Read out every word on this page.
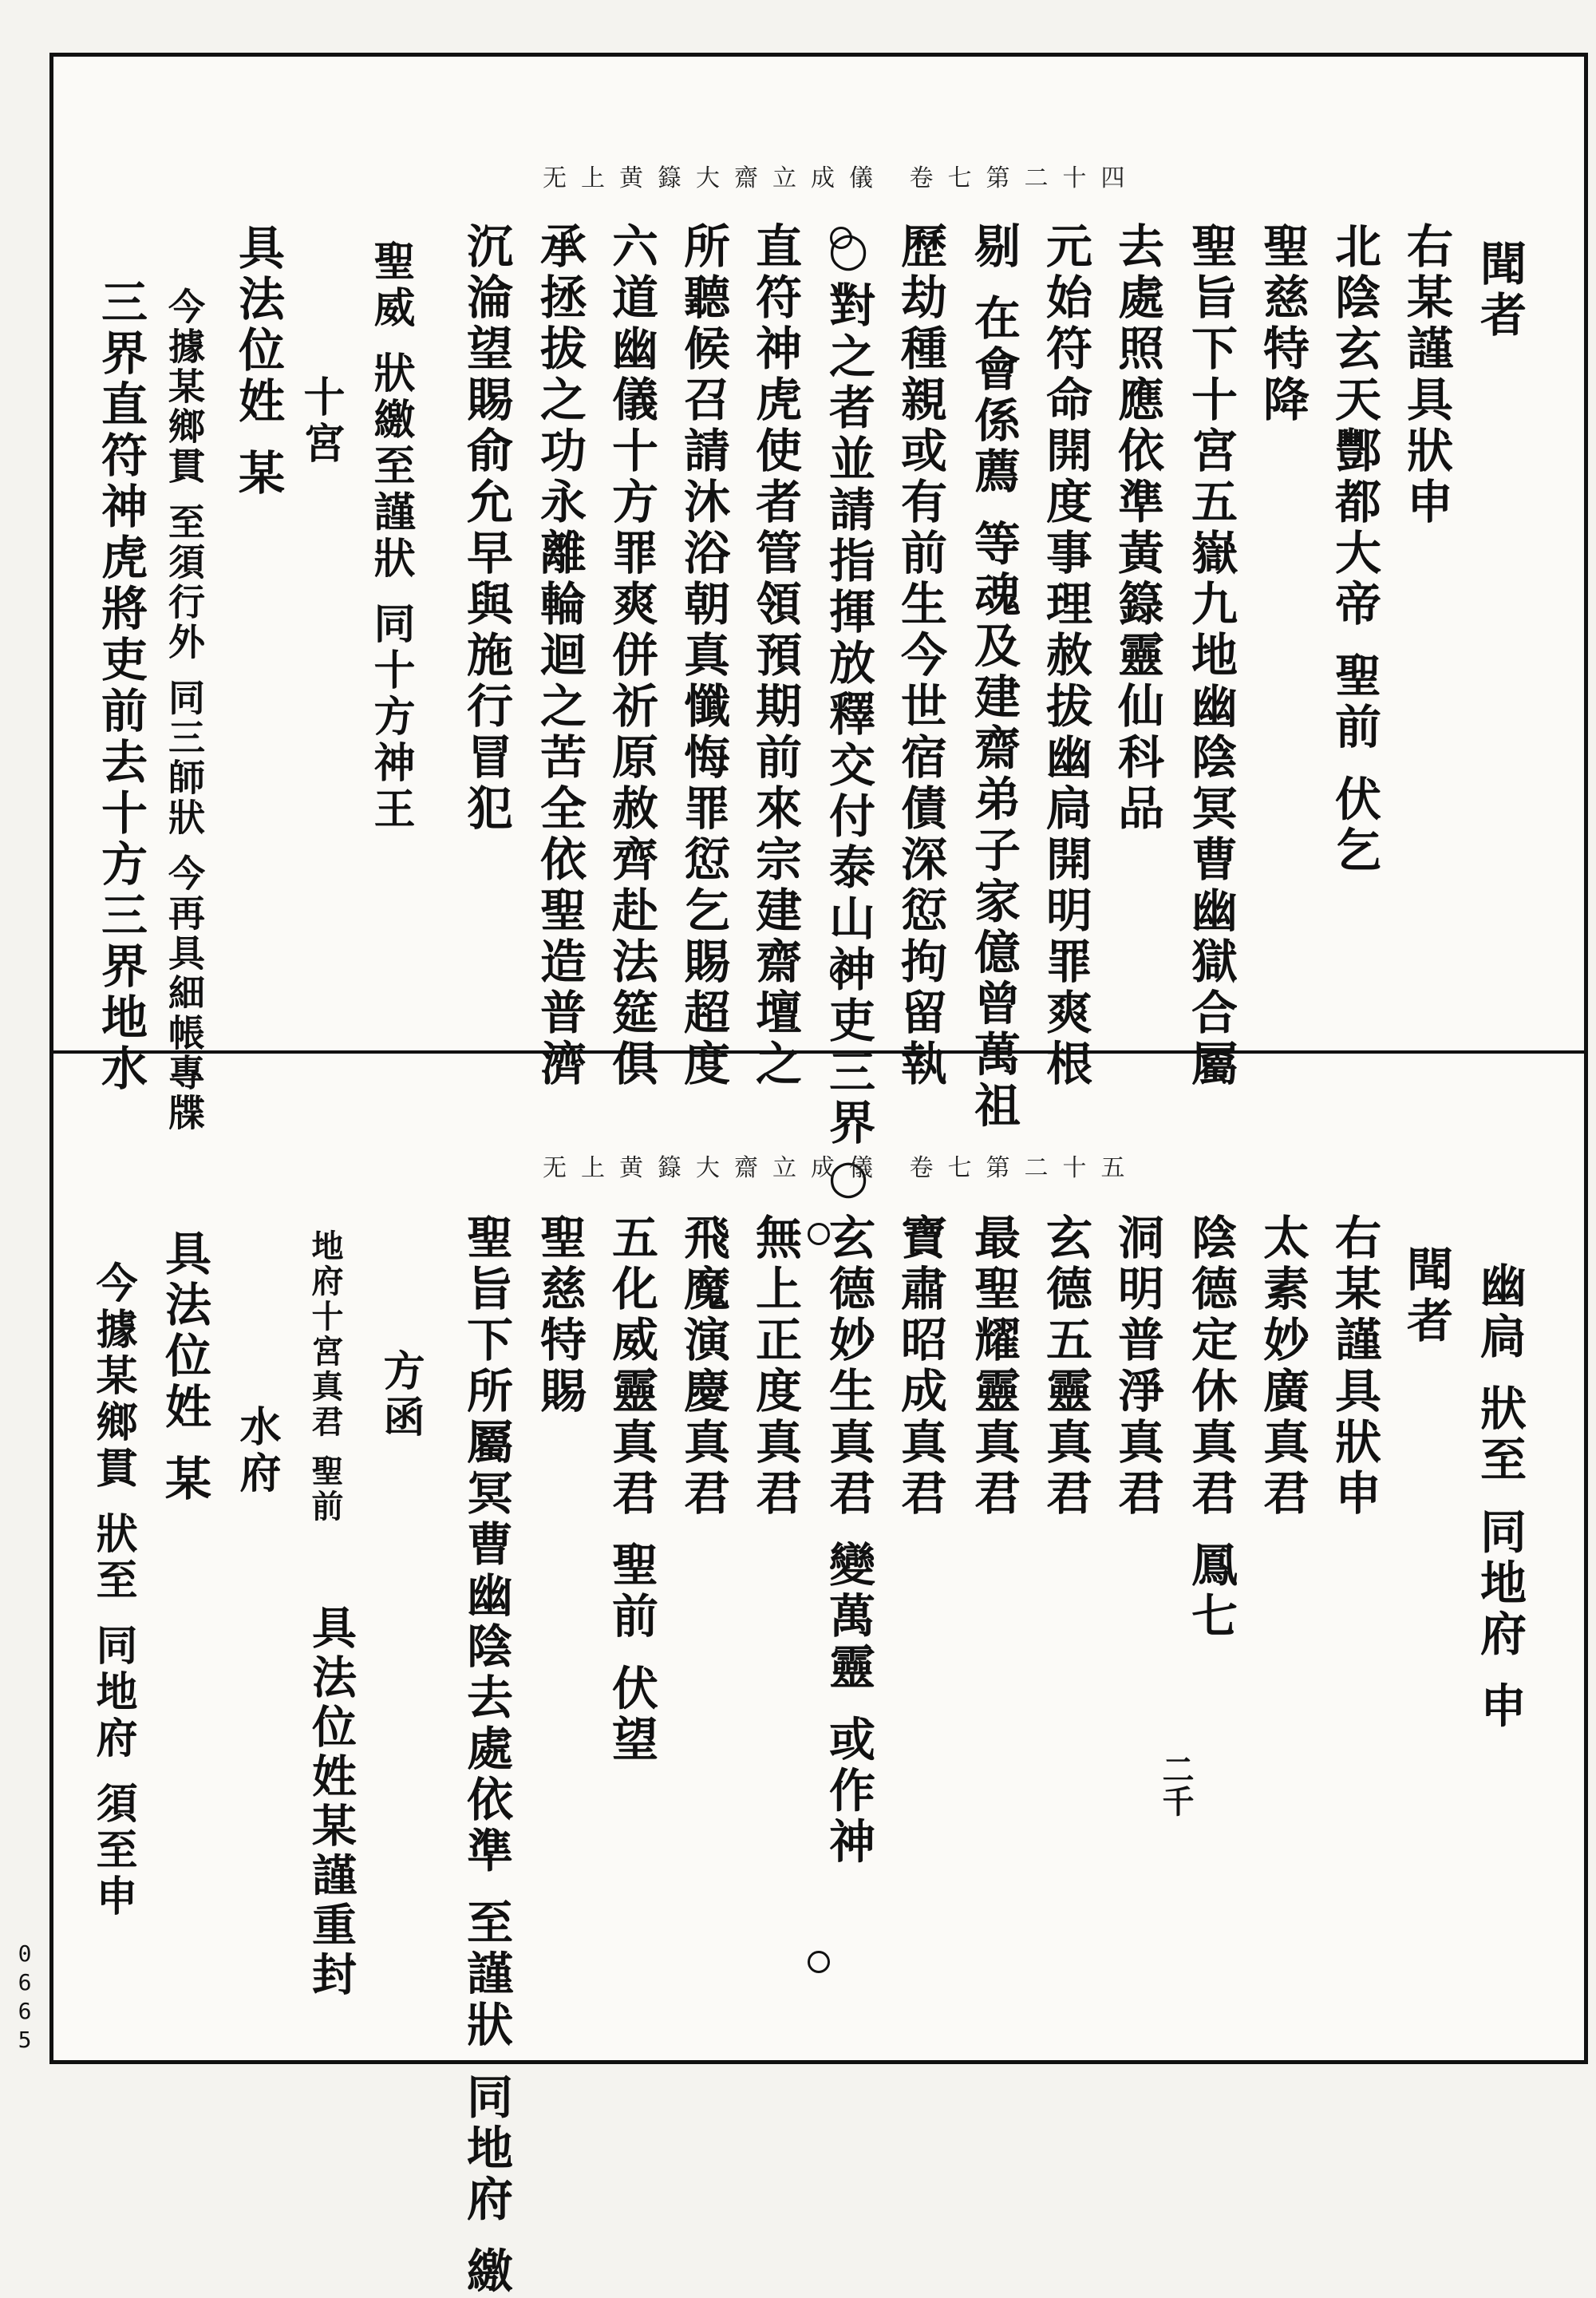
无上黄籙大齋立成儀 卷七第二十四
聞者
右某謹具狀申
北陰玄天酆都大帝 聖前 伏乞
聖慈特降
聖旨下十宮五嶽九地幽陰冥曹幽獄合屬
去處照應依準黃籙靈仙科品
元始符命開度事理赦拔幽扃開明罪爽根
剔 在會係薦 等魂及建齋弟子家億曾萬祖
歷劫種親或有前生今世宿債深愆拘留執
○對之者並請指揮放釋交付泰山神吏三界○
直符神虎使者管領預期前來宗建齋壇之
所聽候召請沐浴朝真懺悔罪愆乞賜超度
六道幽儀十方罪爽併祈原赦齊赴法筵俱
承拯拔之功永離輪迴之苦全依聖造普濟
沉淪望賜俞允早與施行冒犯
聖威 狀繳至謹狀 同十方神王
十宮
具法位姓 某
今據某鄉貫 至須行外 同三師狀 今再具細帳專牒
三界直符神虎將吏前去十方三界地水
无上黄籙大齋立成儀 卷七第二十五
幽扃 狀至 同地府 申
聞者
右某謹具狀申
太素妙廣真君
陰德定休真君 鳳七
洞明普淨真君
玄德五靈真君
最聖耀靈真君
寶肅昭成真君
玄德妙生真君 變萬靈 或作神
無上正度真君
飛魔演慶真君
五化威靈真君 聖前 伏望
聖慈特賜
聖旨下所屬冥曹幽陰去處依準 至謹狀 同地府 繳
方函
地府十宮真君 聖前
具法位姓某謹重封
水府
具法位姓 某
今據某鄉貫 狀至 同地府 須至申	二千
0665
